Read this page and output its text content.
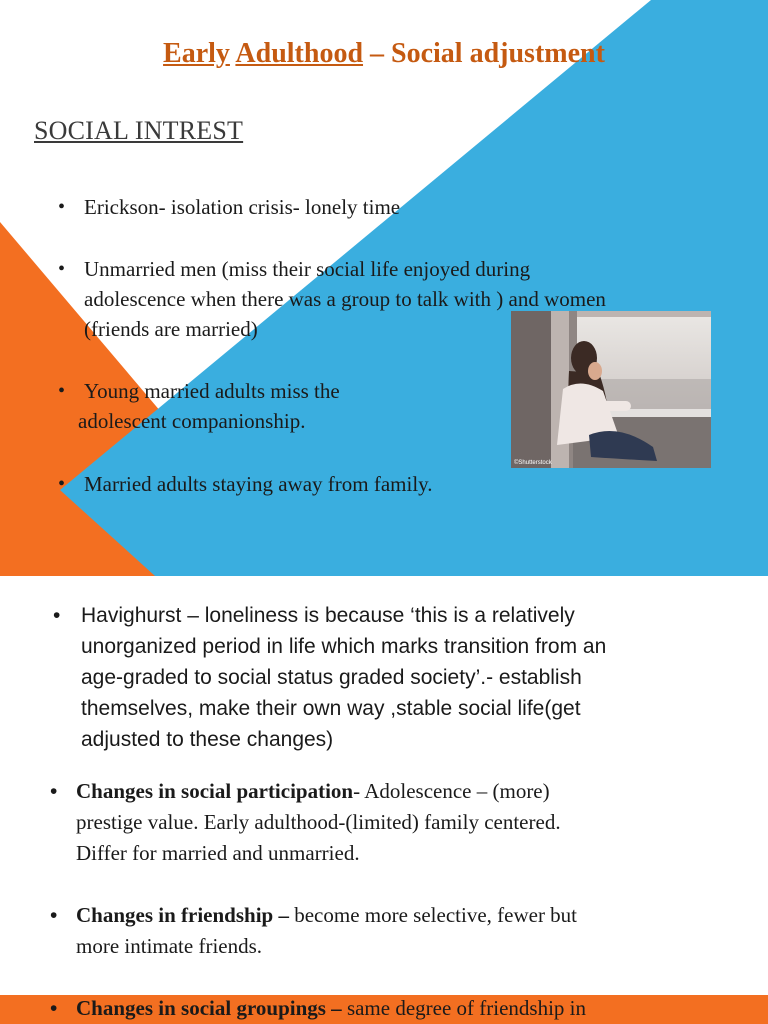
Early Adulthood – Social adjustment
SOCIAL INTREST
• Erickson- isolation crisis- lonely time
• Unmarried men (miss their social life enjoyed during
adolescence when there was a group to talk with ) and women
(friends are married)
• Young married adults miss the
adolescent companionship.
• Married adults staying away from family.
©Shutterstock
• Havighurst – loneliness is because ‘this is a relatively
unorganized period in life which marks transition from an
age-graded to social status graded society’.- establish
themselves, make their own way ,stable social life(get
adjusted to these changes)
• Changes in social participation- Adolescence – (more)
prestige value. Early adulthood-(limited) family centered.
Differ for married and unmarried.
• Changes in friendship – become more selective, fewer but
more intimate friends.
• Changes in social groupings – same degree of friendship in
